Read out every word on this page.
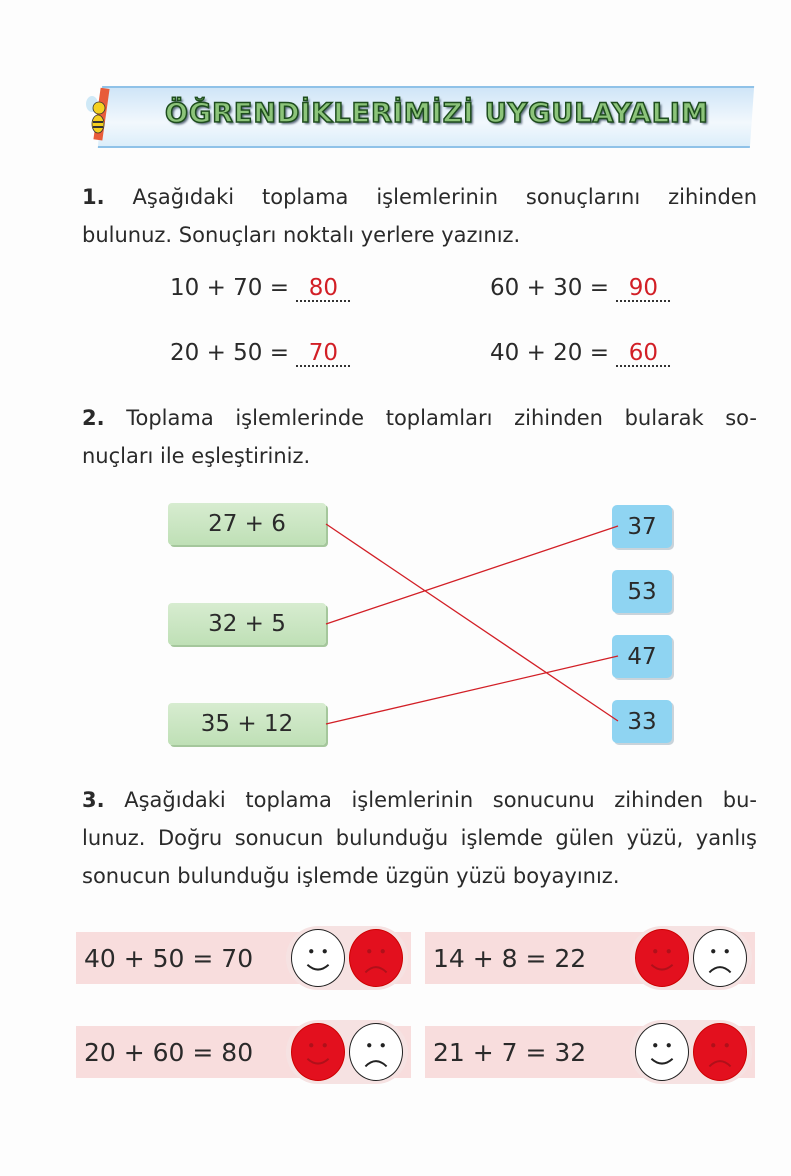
ÖĞRENDİKLERİMİZİ UYGULAYALIM
1. Aşağıdaki toplama işlemlerinin sonuçlarını zihinden
bulunuz. Sonuçları noktalı yerlere yazınız.
10 + 70 = 80	60 + 30 = 90
20 + 50 = 70	40 + 20 = 60
2. Toplama işlemlerinde toplamları zihinden bularak so-
nuçları ile eşleştiriniz.
27 + 6
32 + 5
35 + 12
37
53
47
33
3. Aşağıdaki toplama işlemlerinin sonucunu zihinden bu-
lunuz. Doğru sonucun bulunduğu işlemde gülen yüzü, yanlış
sonucun bulunduğu işlemde üzgün yüzü boyayınız.
40 + 50 = 70	14 + 8 = 22
20 + 60 = 80	21 + 7 = 32
